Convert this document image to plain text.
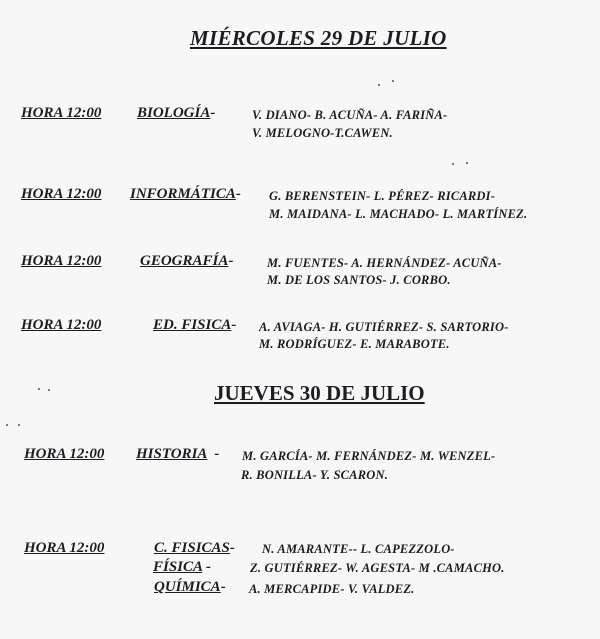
MIÉRCOLES 29 DE JULIO
HORA 12:00 BIOLOGÍA-	V. DIANO- B. ACUÑA- A. FARIÑA-
V. MELOGNO-T.CAWEN.
HORA 12:00 INFORMÁTICA- G. BERENSTEIN- L. PÉREZ- RICARDI-
M. MAIDANA- L. MACHADO- L. MARTÍNEZ.
HORA 12:00	GEOGRAFÍA-	M. FUENTES- A. HERNÁNDEZ- ACUÑA-
M. DE LOS SANTOS- J. CORBO.
HORA 12:00	ED. FISICA- A. AVIAGA- H. GUTIÉRREZ- S. SARTORIO-
M. RODRÍGUEZ- E. MARABOTE.
JUEVES 30 DE JULIO
HORA 12:00 HISTORIA - M. GARCÍA- M. FERNÁNDEZ- M. WENZEL-
R. BONILLA- Y. SCARON.
HORA 12:00	C. FISICAS- N. AMARANTE-- L. CAPEZZOLO-
FÍSICA -	Z. GUTIÉRREZ- W. AGESTA- M .CAMACHO.
QUÍMICA- A. MERCAPIDE- V. VALDEZ.
